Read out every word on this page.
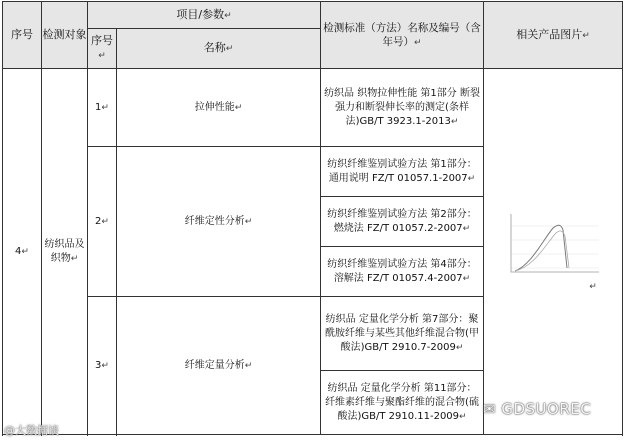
序号	检测对象	项目/参数↵		检测标准（方法）名称及编号（含年号）↵	相关产品图片↵
		序号↵	名称↵		
4↵	纺织品及织物↵	1↵	拉伸性能↵	纺织品 织物拉伸性能 第1部分 断裂强力和断裂伸长率的测定(条样法)GB/T 3923.1-2013↵	↵
		2↵	纤维定性分析↵	纺织纤维鉴别试验方法 第1部分：通用说明 FZ/T 01057.1-2007↵	
				纺织纤维鉴别试验方法 第2部分：燃烧法 FZ/T 01057.2-2007↵	
				纺织纤维鉴别试验方法 第4部分：溶解法 FZ/T 01057.4-2007↵	
		3↵	纤维定量分析↵	纺织品 定量化学分析 第7部分：聚酰胺纤维与某些其他纤维混合物(甲酸法)GB/T 2910.7-2009↵	
				纺织品 定量化学分析 第11部分：纤维素纤维与聚酯纤维的混合物(硫酸法)GB/T 2910.11-2009↵	

@大数据谈
✉ GDSUOREC
